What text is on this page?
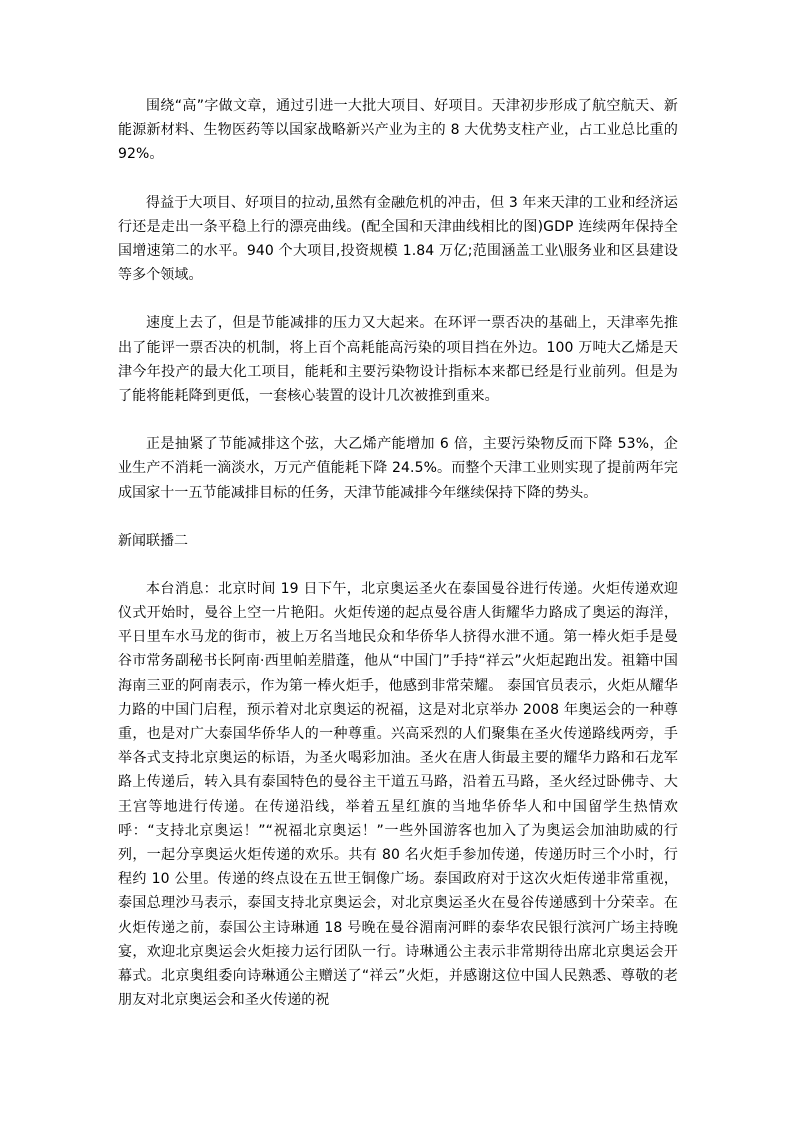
围绕“高”字做文章，通过引进一大批大项目、好项目。天津初步形成了航空航天、新能源新材料、生物医药等以国家战略新兴产业为主的 8 大优势支柱产业，占工业总比重的 92%。

得益于大项目、好项目的拉动,虽然有金融危机的冲击，但 3 年来天津的工业和经济运行还是走出一条平稳上行的漂亮曲线。(配全国和天津曲线相比的图)GDP 连续两年保持全国增速第二的水平。940 个大项目,投资规模 1.84 万亿;范围涵盖工业\服务业和区县建设等多个领域。

速度上去了，但是节能减排的压力又大起来。在环评一票否决的基础上，天津率先推出了能评一票否决的机制，将上百个高耗能高污染的项目挡在外边。100 万吨大乙烯是天津今年投产的最大化工项目，能耗和主要污染物设计指标本来都已经是行业前列。但是为了能将能耗降到更低，一套核心装置的设计几次被推到重来。

正是抽紧了节能减排这个弦，大乙烯产能增加 6 倍，主要污染物反而下降 53%，企业生产不消耗一滴淡水，万元产值能耗下降 24.5%。而整个天津工业则实现了提前两年完成国家十一五节能减排目标的任务，天津节能减排今年继续保持下降的势头。

新闻联播二

本台消息：北京时间 19 日下午，北京奥运圣火在泰国曼谷进行传递。火炬传递欢迎仪式开始时，曼谷上空一片艳阳。火炬传递的起点曼谷唐人街耀华力路成了奥运的海洋，平日里车水马龙的街市，被上万名当地民众和华侨华人挤得水泄不通。第一棒火炬手是曼谷市常务副秘书长阿南·西里帕差腊蓬，他从“中国门”手持“祥云”火炬起跑出发。祖籍中国海南三亚的阿南表示，作为第一棒火炬手，他感到非常荣耀。 泰国官员表示，火炬从耀华力路的中国门启程，预示着对北京奥运的祝福，这是对北京举办 2008 年奥运会的一种尊重，也是对广大泰国华侨华人的一种尊重。兴高采烈的人们聚集在圣火传递路线两旁，手举各式支持北京奥运的标语，为圣火喝彩加油。圣火在唐人街最主要的耀华力路和石龙军路上传递后，转入具有泰国特色的曼谷主干道五马路，沿着五马路，圣火经过卧佛寺、大王宫等地进行传递。在传递沿线，举着五星红旗的当地华侨华人和中国留学生热情欢呼：“支持北京奥运！”“祝福北京奥运！”一些外国游客也加入了为奥运会加油助威的行列，一起分享奥运火炬传递的欢乐。共有 80 名火炬手参加传递，传递历时三个小时，行程约 10 公里。传递的终点设在五世王铜像广场。泰国政府对于这次火炬传递非常重视，泰国总理沙马表示，泰国支持北京奥运会，对北京奥运圣火在曼谷传递感到十分荣幸。在火炬传递之前，泰国公主诗琳通 18 号晚在曼谷湄南河畔的泰华农民银行滨河广场主持晚宴，欢迎北京奥运会火炬接力运行团队一行。诗琳通公主表示非常期待出席北京奥运会开幕式。北京奥组委向诗琳通公主赠送了“祥云”火炬，并感谢这位中国人民熟悉、尊敬的老朋友对北京奥运会和圣火传递的祝
